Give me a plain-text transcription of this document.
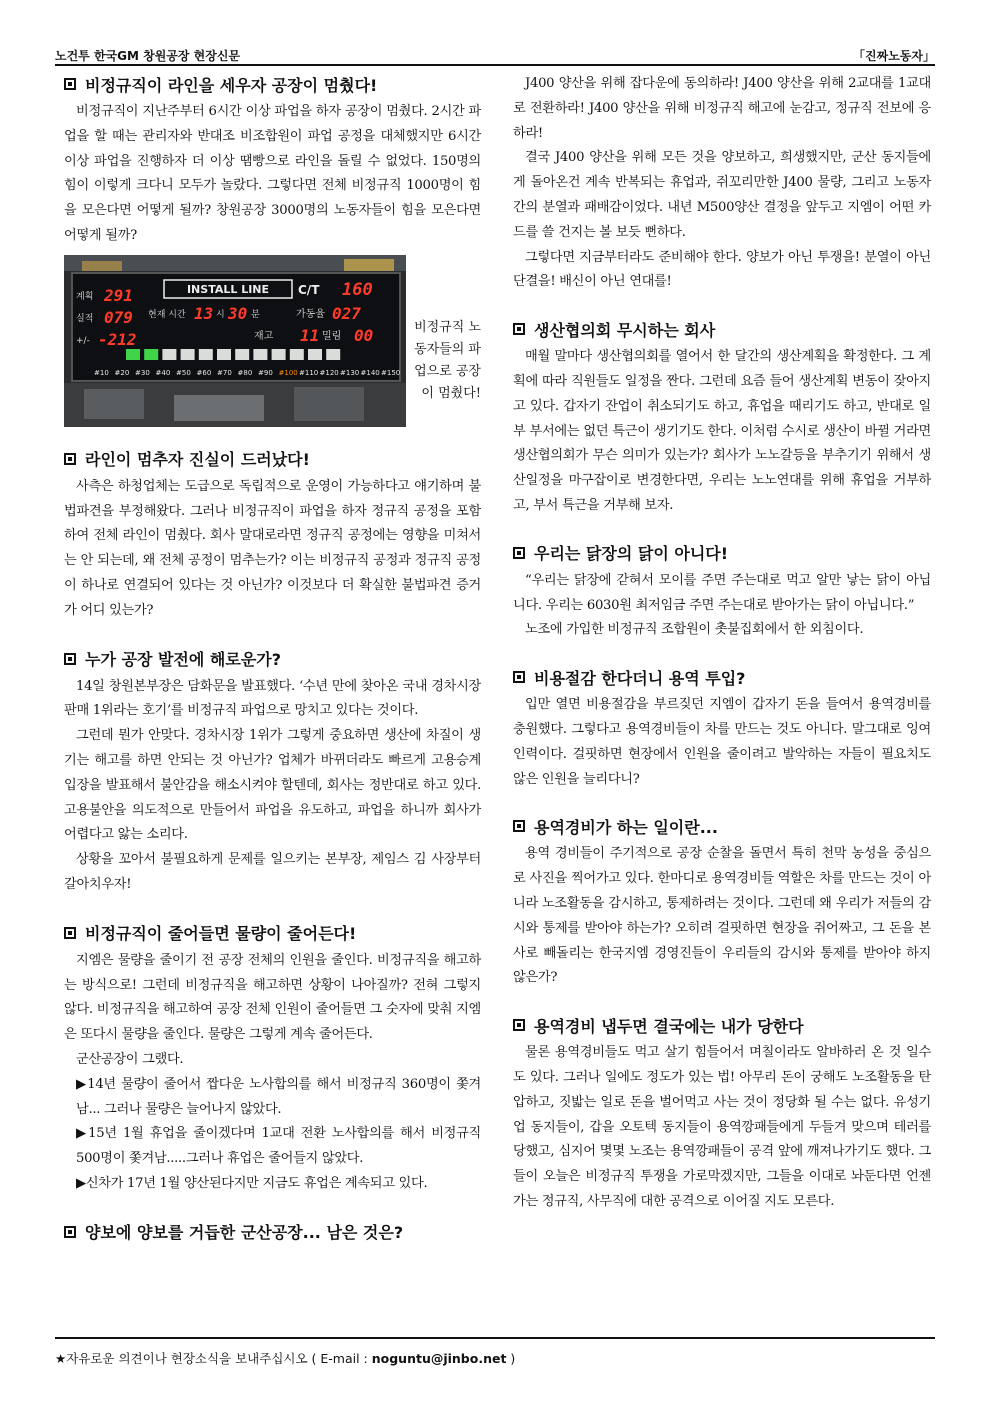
노건투 한국GM 창원공장 현장신문	「진짜노동자」
비정규직이 라인을 세우자 공장이 멈췄다!

비정규직이 지난주부터 6시간 이상 파업을 하자 공장이 멈췄다. 2시간 파업을 할 때는 관리자와 반대조 비조합원이 파업 공정을 대체했지만 6시간 이상 파업을 진행하자 더 이상 땜빵으로 라인을 돌릴 수 없었다. 150명의 힘이 이렇게 크다니 모두가 놀랐다. 그렇다면 전체 비정규직 1000명이 힘을 모은다면 어떻게 될까? 창원공장 3000명의 노동자들이 힘을 모은다면 어떻게 될까?

계획
실적
+/-
291
079
-212
INSTALL LINE C/T 160
현재 시간 13 시 30 분	가동율 027
재고 11 밀림 00
#10 #20 #30 #40 #50 #60 #70 #80 #90 #100 #110 #120 #130 #140 #150
비정규직 노동자들의 파업으로 공장이 멈췄다!
라인이 멈추자 진실이 드러났다!

사측은 하청업체는 도급으로 독립적으로 운영이 가능하다고 얘기하며 불법파견을 부정해왔다. 그러나 비정규직이 파업을 하자 정규직 공정을 포함하여 전체 라인이 멈췄다. 회사 말대로라면 정규직 공정에는 영향을 미쳐서는 안 되는데, 왜 전체 공정이 멈추는가? 이는 비정규직 공정과 정규직 공정이 하나로 연결되어 있다는 것 아닌가? 이것보다 더 확실한 불법파견 증거가 어디 있는가?

누가 공장 발전에 해로운가?

14일 창원본부장은 담화문을 발표했다. ‘수년 만에 찾아온 국내 경차시장 판매 1위라는 호기’를 비정규직 파업으로 망치고 있다는 것이다.

그런데 뭔가 안맞다. 경차시장 1위가 그렇게 중요하면 생산에 차질이 생기는 해고를 하면 안되는 것 아닌가? 업체가 바뀌더라도 빠르게 고용승계 입장을 발표해서 불안감을 해소시켜야 할텐데, 회사는 정반대로 하고 있다. 고용불안을 의도적으로 만들어서 파업을 유도하고, 파업을 하니까 회사가 어렵다고 앓는 소리다.

상황을 꼬아서 불필요하게 문제를 일으키는 본부장, 제임스 김 사장부터 갈아치우자!

비정규직이 줄어들면 물량이 줄어든다!

지엠은 물량을 줄이기 전 공장 전체의 인원을 줄인다. 비정규직을 해고하는 방식으로! 그런데 비정규직을 해고하면 상황이 나아질까? 전혀 그렇지 않다. 비정규직을 해고하여 공장 전체 인원이 줄어들면 그 숫자에 맞춰 지엠은 또다시 물량을 줄인다. 물량은 그렇게 계속 줄어든다.

군산공장이 그랬다.

▶14년 물량이 줄어서 짭다운 노사합의를 해서 비정규직 360명이 쫓겨남... 그러나 물량은 늘어나지 않았다.

▶15년 1월 휴업을 줄이겠다며 1교대 전환 노사합의를 해서 비정규직 500명이 쫓겨남.....그러나 휴업은 줄어들지 않았다.

▶신차가 17년 1월 양산된다지만 지금도 휴업은 계속되고 있다.

양보에 양보를 거듭한 군산공장... 남은 것은?

J400 양산을 위해 잡다운에 동의하라! J400 양산을 위해 2교대를 1교대로 전환하라! J400 양산을 위해 비정규직 해고에 눈감고, 정규직 전보에 응하라!

결국 J400 양산을 위해 모든 것을 양보하고, 희생했지만, 군산 동지들에게 돌아온건 계속 반복되는 휴업과, 쥐꼬리만한 J400 물량, 그리고 노동자간의 분열과 패배감이었다. 내년 M500양산 결정을 앞두고 지엠이 어떤 카드를 쓸 건지는 볼 보듯 뻔하다.

그렇다면 지금부터라도 준비해야 한다. 양보가 아닌 투쟁을! 분열이 아닌 단결을! 배신이 아닌 연대를!

생산협의회 무시하는 회사

매월 말마다 생산협의회를 열어서 한 달간의 생산계획을 확정한다. 그 계획에 따라 직원들도 일정을 짠다. 그런데 요즘 들어 생산계획 변동이 잦아지고 있다. 갑자기 잔업이 취소되기도 하고, 휴업을 때리기도 하고, 반대로 일부 부서에는 없던 특근이 생기기도 한다. 이처럼 수시로 생산이 바뀔 거라면 생산협의회가 무슨 의미가 있는가? 회사가 노노갈등을 부추기기 위해서 생산일정을 마구잡이로 변경한다면, 우리는 노노연대를 위해 휴업을 거부하고, 부서 특근을 거부해 보자.

우리는 닭장의 닭이 아니다!

“우리는 닭장에 갇혀서 모이를 주면 주는대로 먹고 알만 낳는 닭이 아닙니다. 우리는 6030원 최저임금 주면 주는대로 받아가는 닭이 아닙니다.”

노조에 가입한 비정규직 조합원이 촛불집회에서 한 외침이다.

비용절감 한다더니 용역 투입?

입만 열면 비용절감을 부르짖던 지엠이 갑자기 돈을 들여서 용역경비를 충원했다. 그렇다고 용역경비들이 차를 만드는 것도 아니다. 말그대로 잉여인력이다. 걸핏하면 현장에서 인원을 줄이려고 발악하는 자들이 필요치도 않은 인원을 늘리다니?

용역경비가 하는 일이란...

용역 경비들이 주기적으로 공장 순찰을 돌면서 특히 천막 농성을 중심으로 사진을 찍어가고 있다. 한마디로 용역경비들 역할은 차를 만드는 것이 아니라 노조활동을 감시하고, 통제하려는 것이다. 그런데 왜 우리가 저들의 감시와 통제를 받아야 하는가? 오히려 걸핏하면 현장을 쥐어짜고, 그 돈을 본사로 빼돌리는 한국지엠 경영진들이 우리들의 감시와 통제를 받아야 하지 않은가?

용역경비 냅두면 결국에는 내가 당한다

물론 용역경비들도 먹고 살기 힘들어서 며칠이라도 알바하러 온 것 일수도 있다. 그러나 일에도 정도가 있는 법! 아무리 돈이 궁해도 노조활동을 탄압하고, 짓밟는 일로 돈을 벌어먹고 사는 것이 정당화 될 수는 없다. 유성기업 동지들이, 갑을 오토텍 동지들이 용역깡패들에게 두들겨 맞으며 테러를 당했고, 심지어 몇몇 노조는 용역깡패들이 공격 앞에 깨져나가기도 했다. 그들이 오늘은 비정규직 투쟁을 가로막겠지만, 그들을 이대로 놔둔다면 언젠가는 정규직, 사무직에 대한 공격으로 이어질 지도 모른다.

★자유로운 의견이나 현장소식을 보내주십시오 ( E-mail : noguntu@jinbo.net )
